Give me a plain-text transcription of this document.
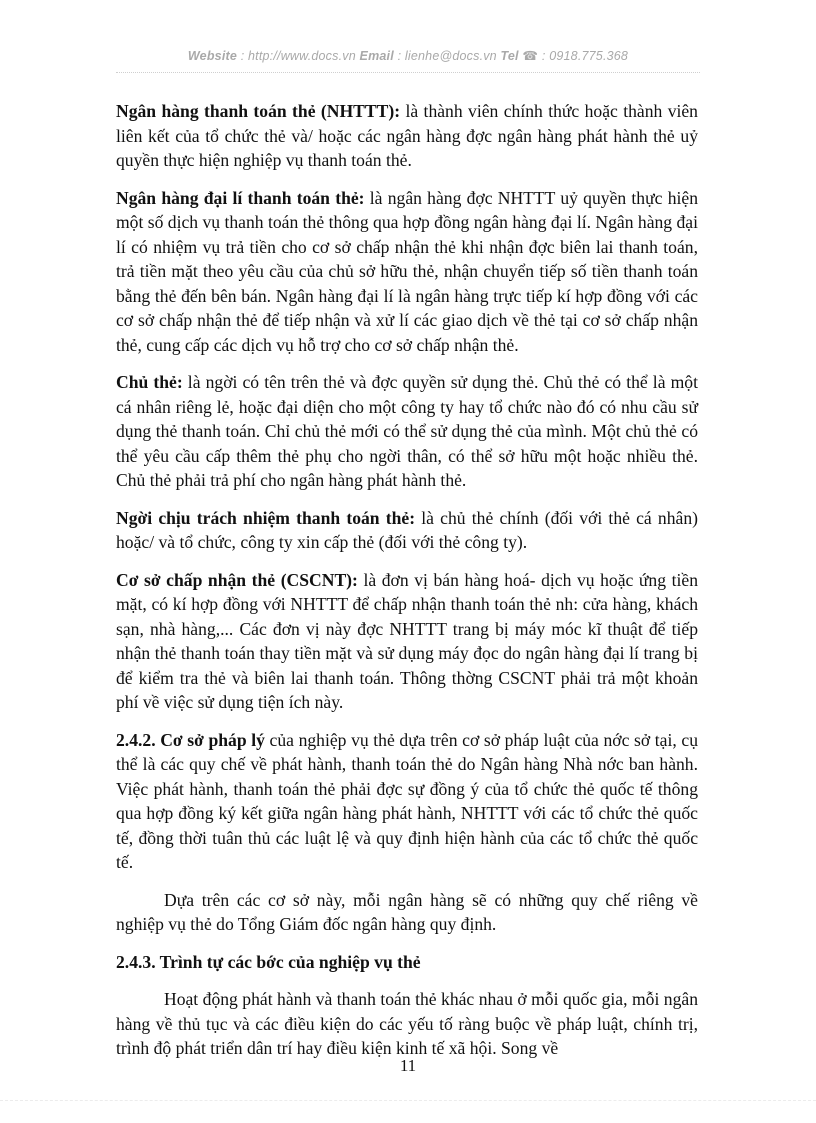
Website : http://www.docs.vn Email : lienhe@docs.vn Tel ☎ : 0918.775.368

Ngân hàng thanh toán thẻ (NHTTT): là thành viên chính thức hoặc thành viên liên kết của tổ chức thẻ và/ hoặc các ngân hàng đợc ngân hàng phát hành thẻ uỷ quyền thực hiện nghiệp vụ thanh toán thẻ.

Ngân hàng đại lí thanh toán thẻ: là ngân hàng đợc NHTTT uỷ quyền thực hiện một số dịch vụ thanh toán thẻ thông qua hợp đồng ngân hàng đại lí. Ngân hàng đại lí có nhiệm vụ trả tiền cho cơ sở chấp nhận thẻ khi nhận đợc biên lai thanh toán, trả tiền mặt theo yêu cầu của chủ sở hữu thẻ, nhận chuyển tiếp số tiền thanh toán bằng thẻ đến bên bán. Ngân hàng đại lí là ngân hàng trực tiếp kí hợp đồng với các cơ sở chấp nhận thẻ để tiếp nhận và xử lí các giao dịch về thẻ tại cơ sở chấp nhận thẻ, cung cấp các dịch vụ hỗ trợ cho cơ sở chấp nhận thẻ.

Chủ thẻ: là ngời có tên trên thẻ và đợc quyền sử dụng thẻ. Chủ thẻ có thể là một cá nhân riêng lẻ, hoặc đại diện cho một công ty hay tổ chức nào đó có nhu cầu sử dụng thẻ thanh toán. Chỉ chủ thẻ mới có thể sử dụng thẻ của mình. Một chủ thẻ có thể yêu cầu cấp thêm thẻ phụ cho ngời thân, có thể sở hữu một hoặc nhiều thẻ. Chủ thẻ phải trả phí cho ngân hàng phát hành thẻ.

Ngời chịu trách nhiệm thanh toán thẻ: là chủ thẻ chính (đối với thẻ cá nhân) hoặc/ và tổ chức, công ty xin cấp thẻ (đối với thẻ công ty).

Cơ sở chấp nhận thẻ (CSCNT): là đơn vị bán hàng hoá- dịch vụ hoặc ứng tiền mặt, có kí hợp đồng với NHTTT để chấp nhận thanh toán thẻ nh: cửa hàng, khách sạn, nhà hàng,... Các đơn vị này đợc NHTTT trang bị máy móc kĩ thuật để tiếp nhận thẻ thanh toán thay tiền mặt và sử dụng máy đọc do ngân hàng đại lí trang bị để kiểm tra thẻ và biên lai thanh toán. Thông thờng CSCNT phải trả một khoản phí về việc sử dụng tiện ích này.

2.4.2. Cơ sở pháp lý của nghiệp vụ thẻ dựa trên cơ sở pháp luật của nớc sở tại, cụ thể là các quy chế về phát hành, thanh toán thẻ do Ngân hàng Nhà nớc ban hành. Việc phát hành, thanh toán thẻ phải đợc sự đồng ý của tổ chức thẻ quốc tế thông qua hợp đồng ký kết giữa ngân hàng phát hành, NHTTT với các tổ chức thẻ quốc tế, đồng thời tuân thủ các luật lệ và quy định hiện hành của các tổ chức thẻ quốc tế.

Dựa trên các cơ sở này, mỗi ngân hàng sẽ có những quy chế riêng về nghiệp vụ thẻ do Tổng Giám đốc ngân hàng quy định.

2.4.3. Trình tự các bớc của nghiệp vụ thẻ

Hoạt động phát hành và thanh toán thẻ khác nhau ở mỗi quốc gia, mỗi ngân hàng về thủ tục và các điều kiện do các yếu tố ràng buộc về pháp luật, chính trị, trình độ phát triển dân trí hay điều kiện kinh tế xã hội. Song về

11
